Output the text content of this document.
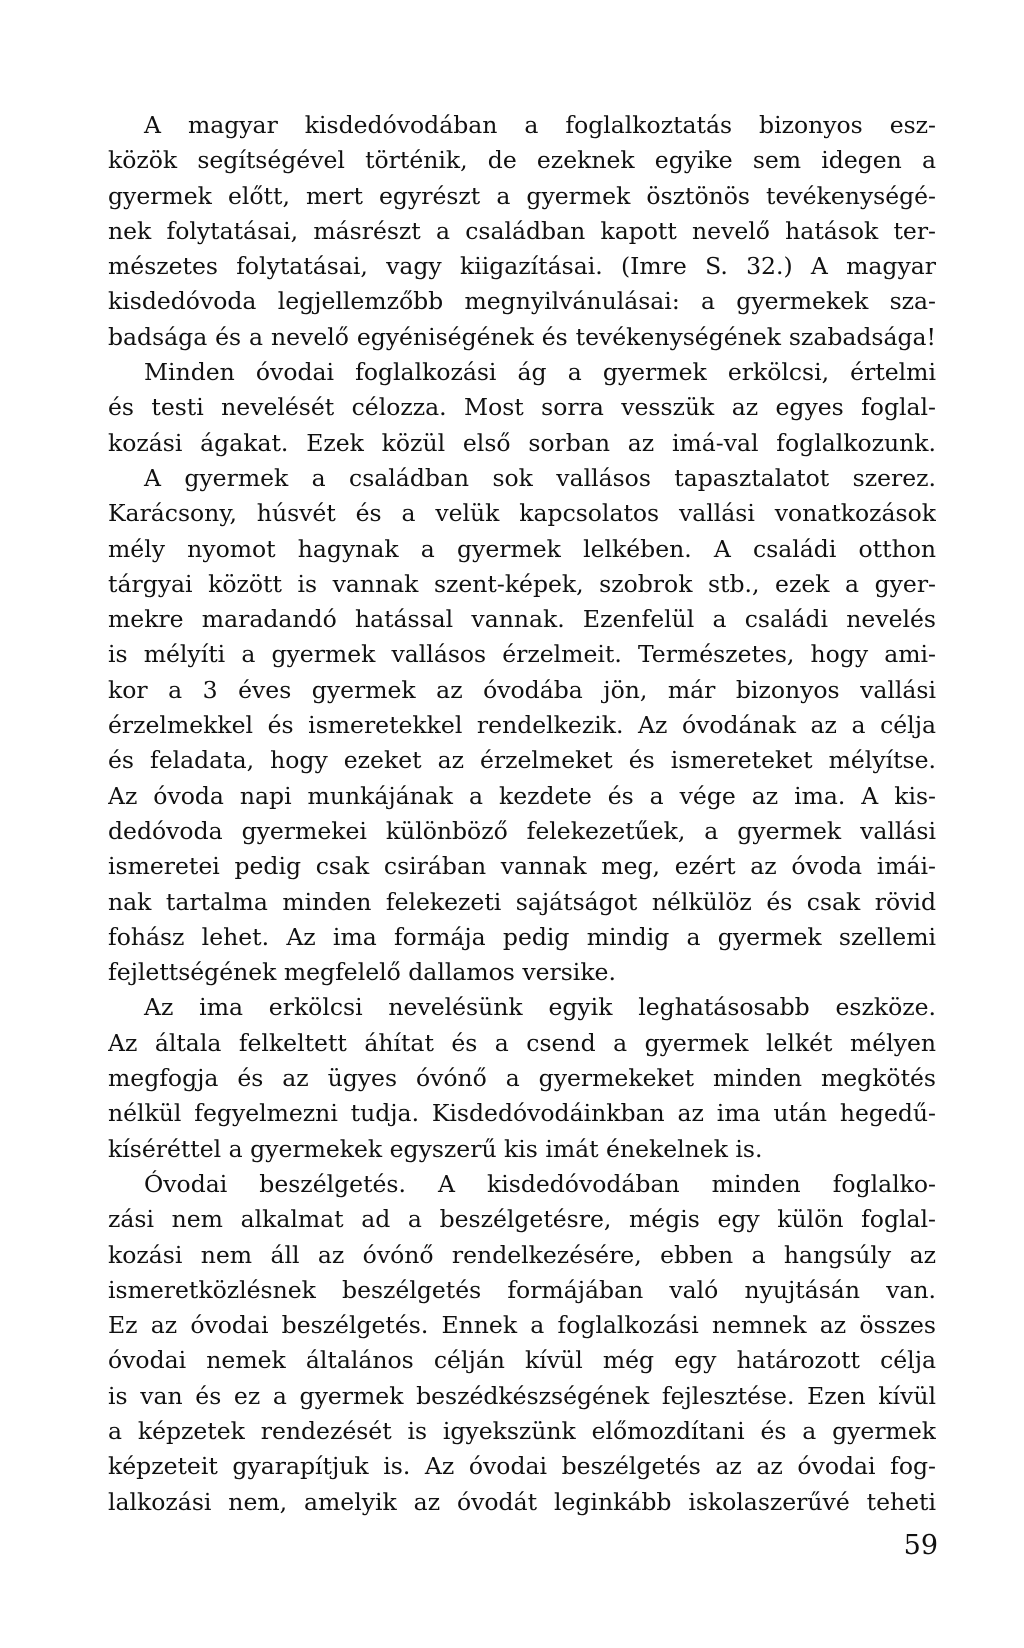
A magyar kisdedóvodában a foglalkoztatás bizonyos esz-
közök segítségével történik, de ezeknek egyike sem idegen a
gyermek előtt, mert egyrészt a gyermek ösztönös tevékenységé-
nek folytatásai, másrészt a családban kapott nevelő hatások ter-
mészetes folytatásai, vagy kiigazításai. (Imre S. 32.) A magyar
kisdedóvoda legjellemzőbb megnyilvánulásai: a gyermekek sza-
badsága és a nevelő egyéniségének és tevékenységének szabadsága!
Minden óvodai foglalkozási ág a gyermek erkölcsi, értelmi
és testi nevelését célozza. Most sorra vesszük az egyes foglal-
kozási ágakat. Ezek közül első sorban az imá-val foglalkozunk.
A gyermek a családban sok vallásos tapasztalatot szerez.
Karácsony, húsvét és a velük kapcsolatos vallási vonatkozások
mély nyomot hagynak a gyermek lelkében. A családi otthon
tárgyai között is vannak szent-képek, szobrok stb., ezek a gyer-
mekre maradandó hatással vannak. Ezenfelül a családi nevelés
is mélyíti a gyermek vallásos érzelmeit. Természetes, hogy ami-
kor a 3 éves gyermek az óvodába jön, már bizonyos vallási
érzelmekkel és ismeretekkel rendelkezik. Az óvodának az a célja
és feladata, hogy ezeket az érzelmeket és ismereteket mélyítse.
Az óvoda napi munkájának a kezdete és a vége az ima. A kis-
dedóvoda gyermekei különböző felekezetűek, a gyermek vallási
ismeretei pedig csak csirában vannak meg, ezért az óvoda imái-
nak tartalma minden felekezeti sajátságot nélkülöz és csak rövid
fohász lehet. Az ima formája pedig mindig a gyermek szellemi
fejlettségének megfelelő dallamos versike.
Az ima erkölcsi nevelésünk egyik leghatásosabb eszköze.
Az általa felkeltett áhítat és a csend a gyermek lelkét mélyen
megfogja és az ügyes óvónő a gyermekeket minden megkötés
nélkül fegyelmezni tudja. Kisdedóvodáinkban az ima után hegedű-
kíséréttel a gyermekek egyszerű kis imát énekelnek is.
Óvodai beszélgetés. A kisdedóvodában minden foglalko-
zási nem alkalmat ad a beszélgetésre, mégis egy külön foglal-
kozási nem áll az óvónő rendelkezésére, ebben a hangsúly az
ismeretközlésnek beszélgetés formájában való nyujtásán van.
Ez az óvodai beszélgetés. Ennek a foglalkozási nemnek az összes
óvodai nemek általános célján kívül még egy határozott célja
is van és ez a gyermek beszédkészségének fejlesztése. Ezen kívül
a képzetek rendezését is igyekszünk előmozdítani és a gyermek
képzeteit gyarapítjuk is. Az óvodai beszélgetés az az óvodai fog-
lalkozási nem, amelyik az óvodát leginkább iskolaszerűvé teheti
59
